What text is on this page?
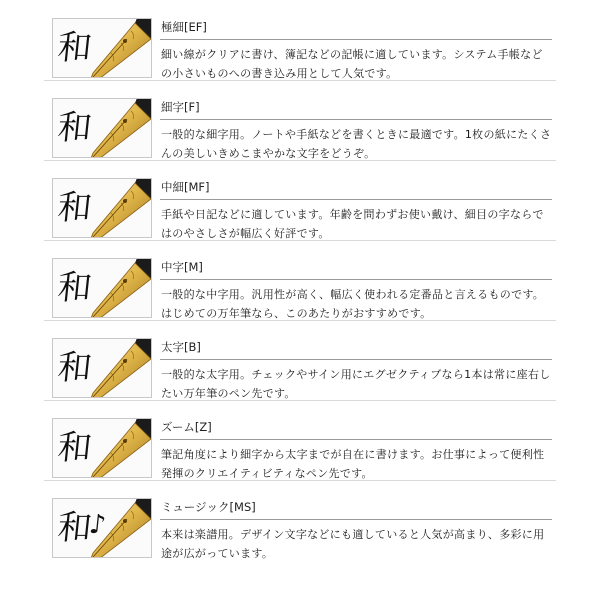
和
極細[EF]
細い線がクリアに書け、簿記などの記帳に適しています。システム手帳などの小さいものへの書き込み用として人気です。
和
細字[F]
一般的な細字用。ノートや手紙などを書くときに最適です。1枚の紙にたくさんの美しいきめこまやかな文字をどうぞ。
和
中細[MF]
手紙や日記などに適しています。年齢を問わずお使い戴け、細目の字ならではのやさしさが幅広く好評です。
和
中字[M]
一般的な中字用。汎用性が高く、幅広く使われる定番品と言えるものです。はじめての万年筆なら、このあたりがおすすめです。
和
太字[B]
一般的な太字用。チェックやサイン用にエグゼクティブなら1本は常に座右したい万年筆のペン先です。
和
ズーム[Z]
筆記角度により細字から太字までが自在に書けます。お仕事によって便利性発揮のクリエイティビティなペン先です。
和♪
ミュージック[MS]
本来は楽譜用。デザイン文字などにも適していると人気が高まり、多彩に用途が広がっています。
